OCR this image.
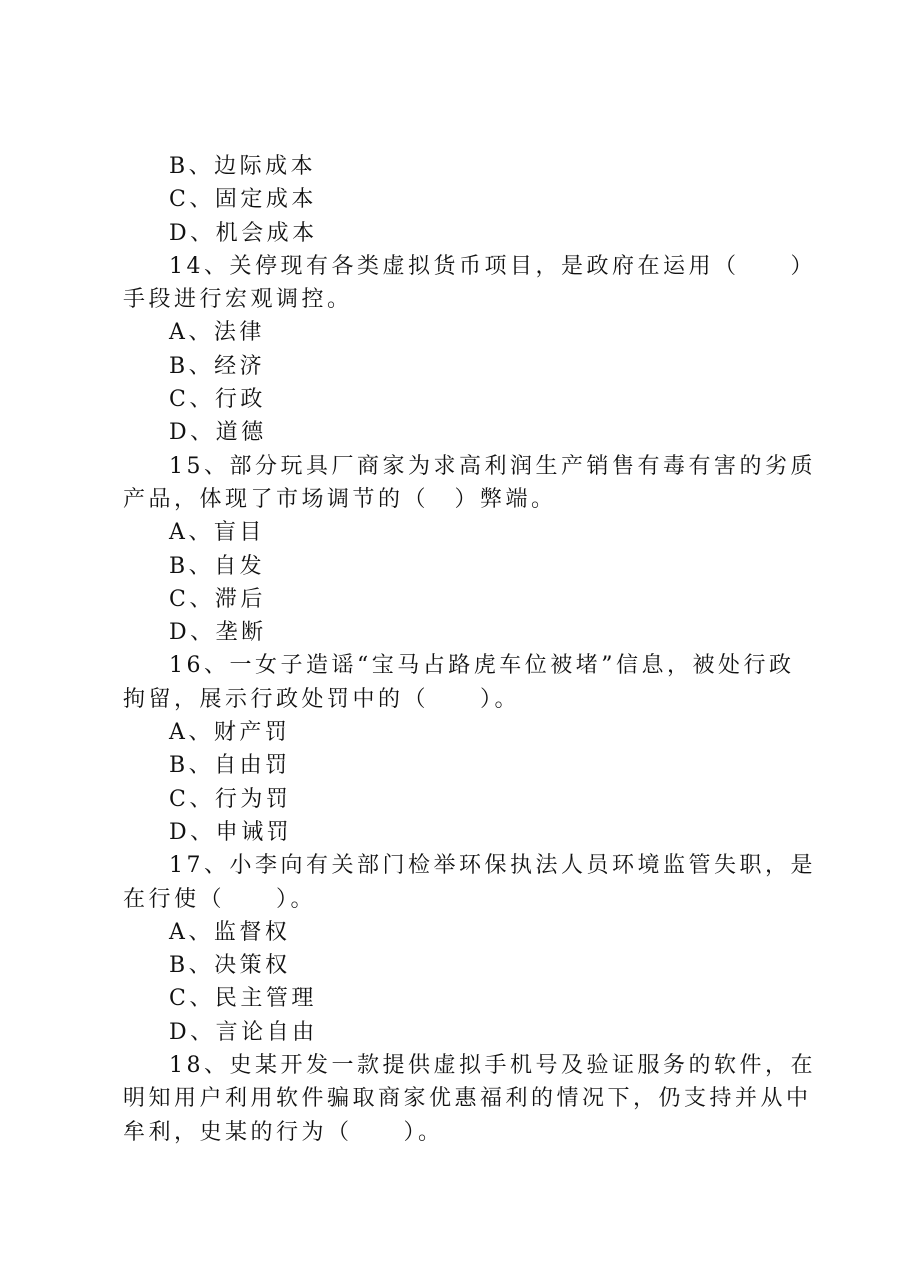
B、边际成本
C、固定成本
D、机会成本
14、关停现有各类虚拟货币项目，是政府在运用（　　）
手段进行宏观调控。
A、法律
B、经济
C、行政
D、道德
15、部分玩具厂商家为求高利润生产销售有毒有害的劣质
产品，体现了市场调节的（　）弊端。
A、盲目
B、自发
C、滞后
D、垄断
16、一女子造谣“宝马占路虎车位被堵”信息，被处行政
拘留，展示行政处罚中的（　　）。
A、财产罚
B、自由罚
C、行为罚
D、申诫罚
17、小李向有关部门检举环保执法人员环境监管失职，是
在行使（　　）。
A、监督权
B、决策权
C、民主管理
D、言论自由
18、史某开发一款提供虚拟手机号及验证服务的软件，在
明知用户利用软件骗取商家优惠福利的情况下，仍支持并从中
牟利，史某的行为（　　）。
